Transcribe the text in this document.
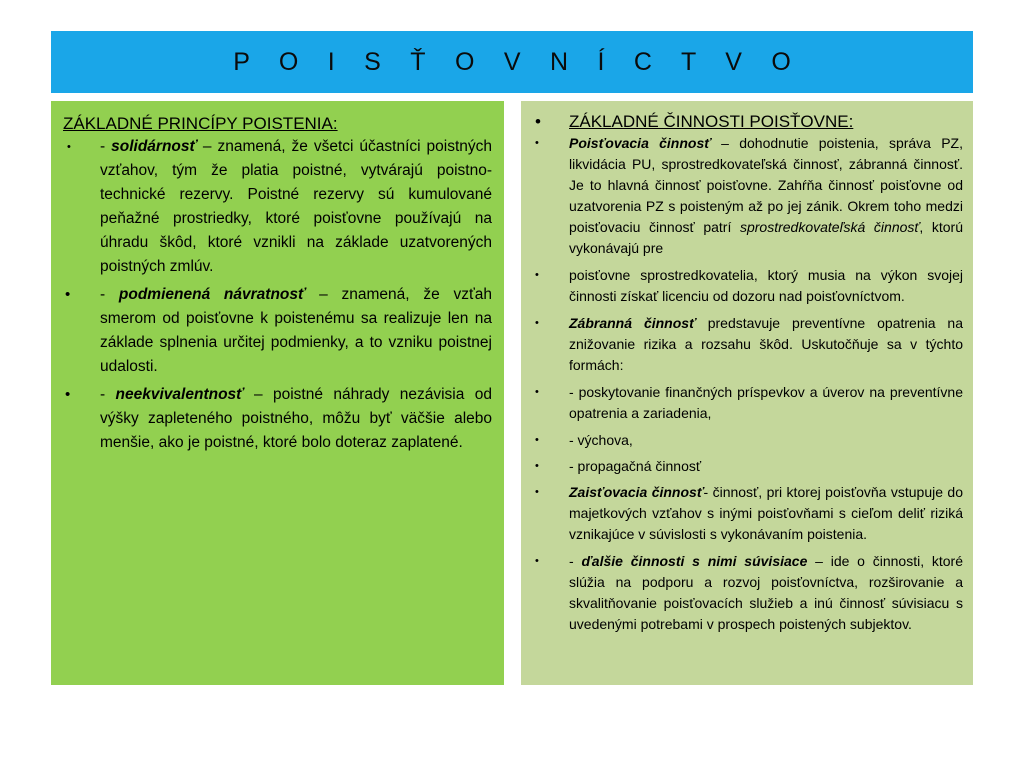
P O I S Ť O V N Í C T V O
ZÁKLADNÉ PRINCÍPY POISTENIA:
• - solidárnosť – znamená, že všetci účastníci poistných vzťahov, tým že platia poistné, vytvárajú poistno-technické rezervy. Poistné rezervy sú kumulované peňažné prostriedky, ktoré poisťovne používajú na úhradu škôd, ktoré vznikli na základe uzatvorených poistných zmlúv.
• - podmienená návratnosť – znamená, že vzťah smerom od poisťovne k poistenému sa realizuje len na základe splnenia určitej podmienky, a to vzniku poistnej udalosti.
• - neekvivalentnosť – poistné náhrady nezávisia od výšky zapleteného poistného, môžu byť väčšie alebo menšie, ako je poistné, ktoré bolo doteraz zaplatené.
• ZÁKLADNÉ ČINNOSTI POISŤOVNE:
• Poisťovacia činnosť – dohodnutie poistenia, správa PZ, likvidácia PU, sprostredkovateľská činnosť, zábranná činnosť. Je to hlavná činnosť poisťovne. Zahŕňa činnosť poisťovne od uzatvorenia PZ s poisteným až po jej zánik. Okrem toho medzi poisťovaciu činnosť patrí sprostredkovateľská činnosť, ktorú vykonávajú pre
• poisťovne sprostredkovatelia, ktorý musia na výkon svojej činnosti získať licenciu od dozoru nad poisťovníctvom.
• Zábranná činnosť predstavuje preventívne opatrenia na znižovanie rizika a rozsahu škôd. Uskutočňuje sa v týchto formách:
• - poskytovanie finančných príspevkov a úverov na preventívne opatrenia a zariadenia,
• - výchova,
• - propagačná činnosť
• Zaisťovacia činnosť- činnosť, pri ktorej poisťovňa vstupuje do majetkových vzťahov s inými poisťovňami s cieľom deliť riziká vznikajúce v súvislosti s vykonávaním poistenia.
• - ďalšie činnosti s nimi súvisiace – ide o činnosti, ktoré slúžia na podporu a rozvoj poisťovníctva, rozširovanie a skvalitňovanie poisťovacích služieb a inú činnosť súvisiacu s uvedenými potrebami v prospech poistených subjektov.
